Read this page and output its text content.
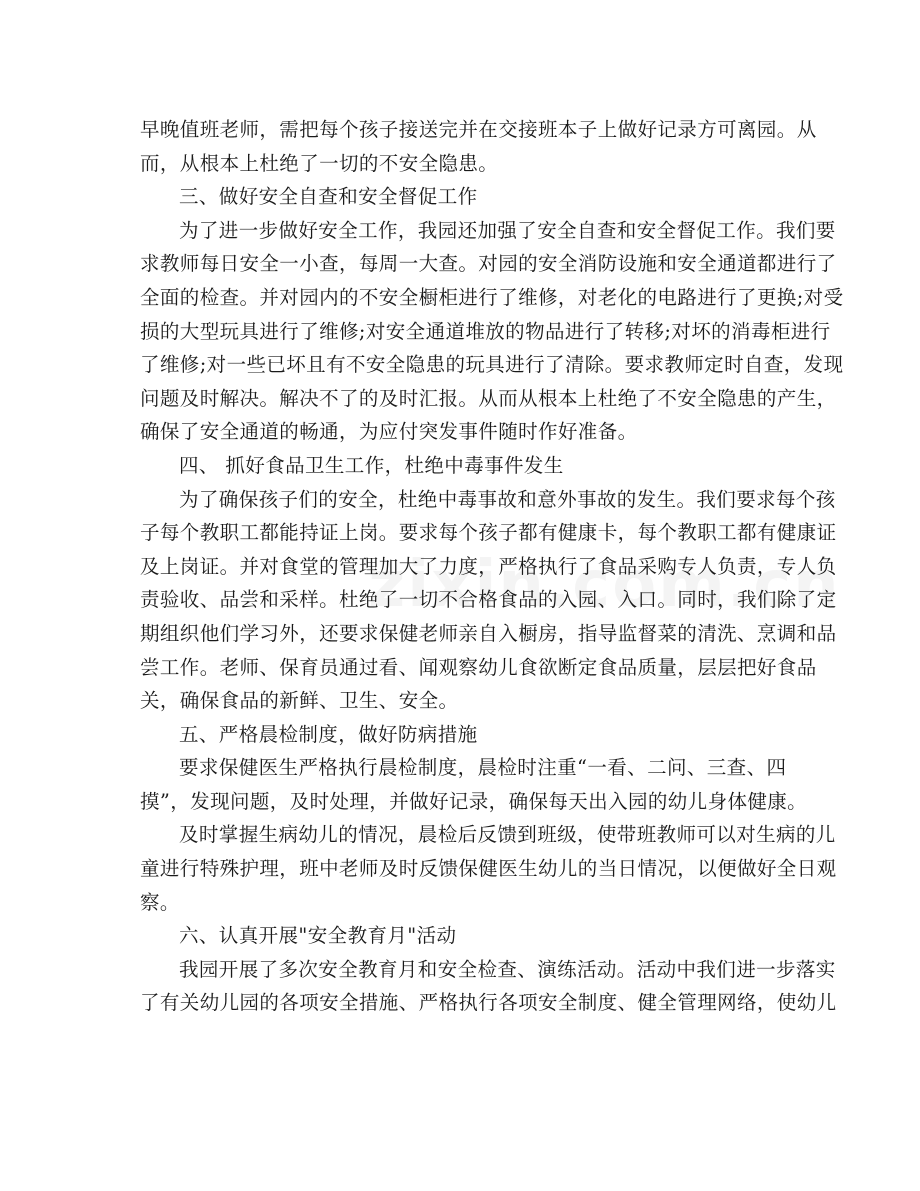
早晚值班老师，需把每个孩子接送完并在交接班本子上做好记录方可离园。从
而，从根本上杜绝了一切的不安全隐患。
三、做好安全自查和安全督促工作
为了进一步做好安全工作，我园还加强了安全自查和安全督促工作。我们要
求教师每日安全一小查，每周一大查。对园的安全消防设施和安全通道都进行了
全面的检查。并对园内的不安全橱柜进行了维修，对老化的电路进行了更换;对受
损的大型玩具进行了维修;对安全通道堆放的物品进行了转移;对坏的消毒柜进行
了维修;对一些已坏且有不安全隐患的玩具进行了清除。要求教师定时自查，发现
问题及时解决。解决不了的及时汇报。从而从根本上杜绝了不安全隐患的产生，
确保了安全通道的畅通，为应付突发事件随时作好准备。
四、 抓好食品卫生工作，杜绝中毒事件发生
为了确保孩子们的安全，杜绝中毒事故和意外事故的发生。我们要求每个孩
子每个教职工都能持证上岗。要求每个孩子都有健康卡，每个教职工都有健康证
及上岗证。并对食堂的管理加大了力度，严格执行了食品采购专人负责，专人负
责验收、品尝和采样。杜绝了一切不合格食品的入园、入口。同时，我们除了定
期组织他们学习外，还要求保健老师亲自入橱房，指导监督菜的清洗、烹调和品
尝工作。老师、保育员通过看、闻观察幼儿食欲断定食品质量，层层把好食品
关，确保食品的新鲜、卫生、安全。
五、严格晨检制度，做好防病措施
要求保健医生严格执行晨检制度，晨检时注重“一看、二问、三查、四
摸”，发现问题，及时处理，并做好记录，确保每天出入园的幼儿身体健康。
及时掌握生病幼儿的情况，晨检后反馈到班级，使带班教师可以对生病的儿
童进行特殊护理，班中老师及时反馈保健医生幼儿的当日情况，以便做好全日观
察。
六、认真开展"安全教育月"活动
我园开展了多次安全教育月和安全检查、演练活动。活动中我们进一步落实
了有关幼儿园的各项安全措施、严格执行各项安全制度、健全管理网络，使幼儿
